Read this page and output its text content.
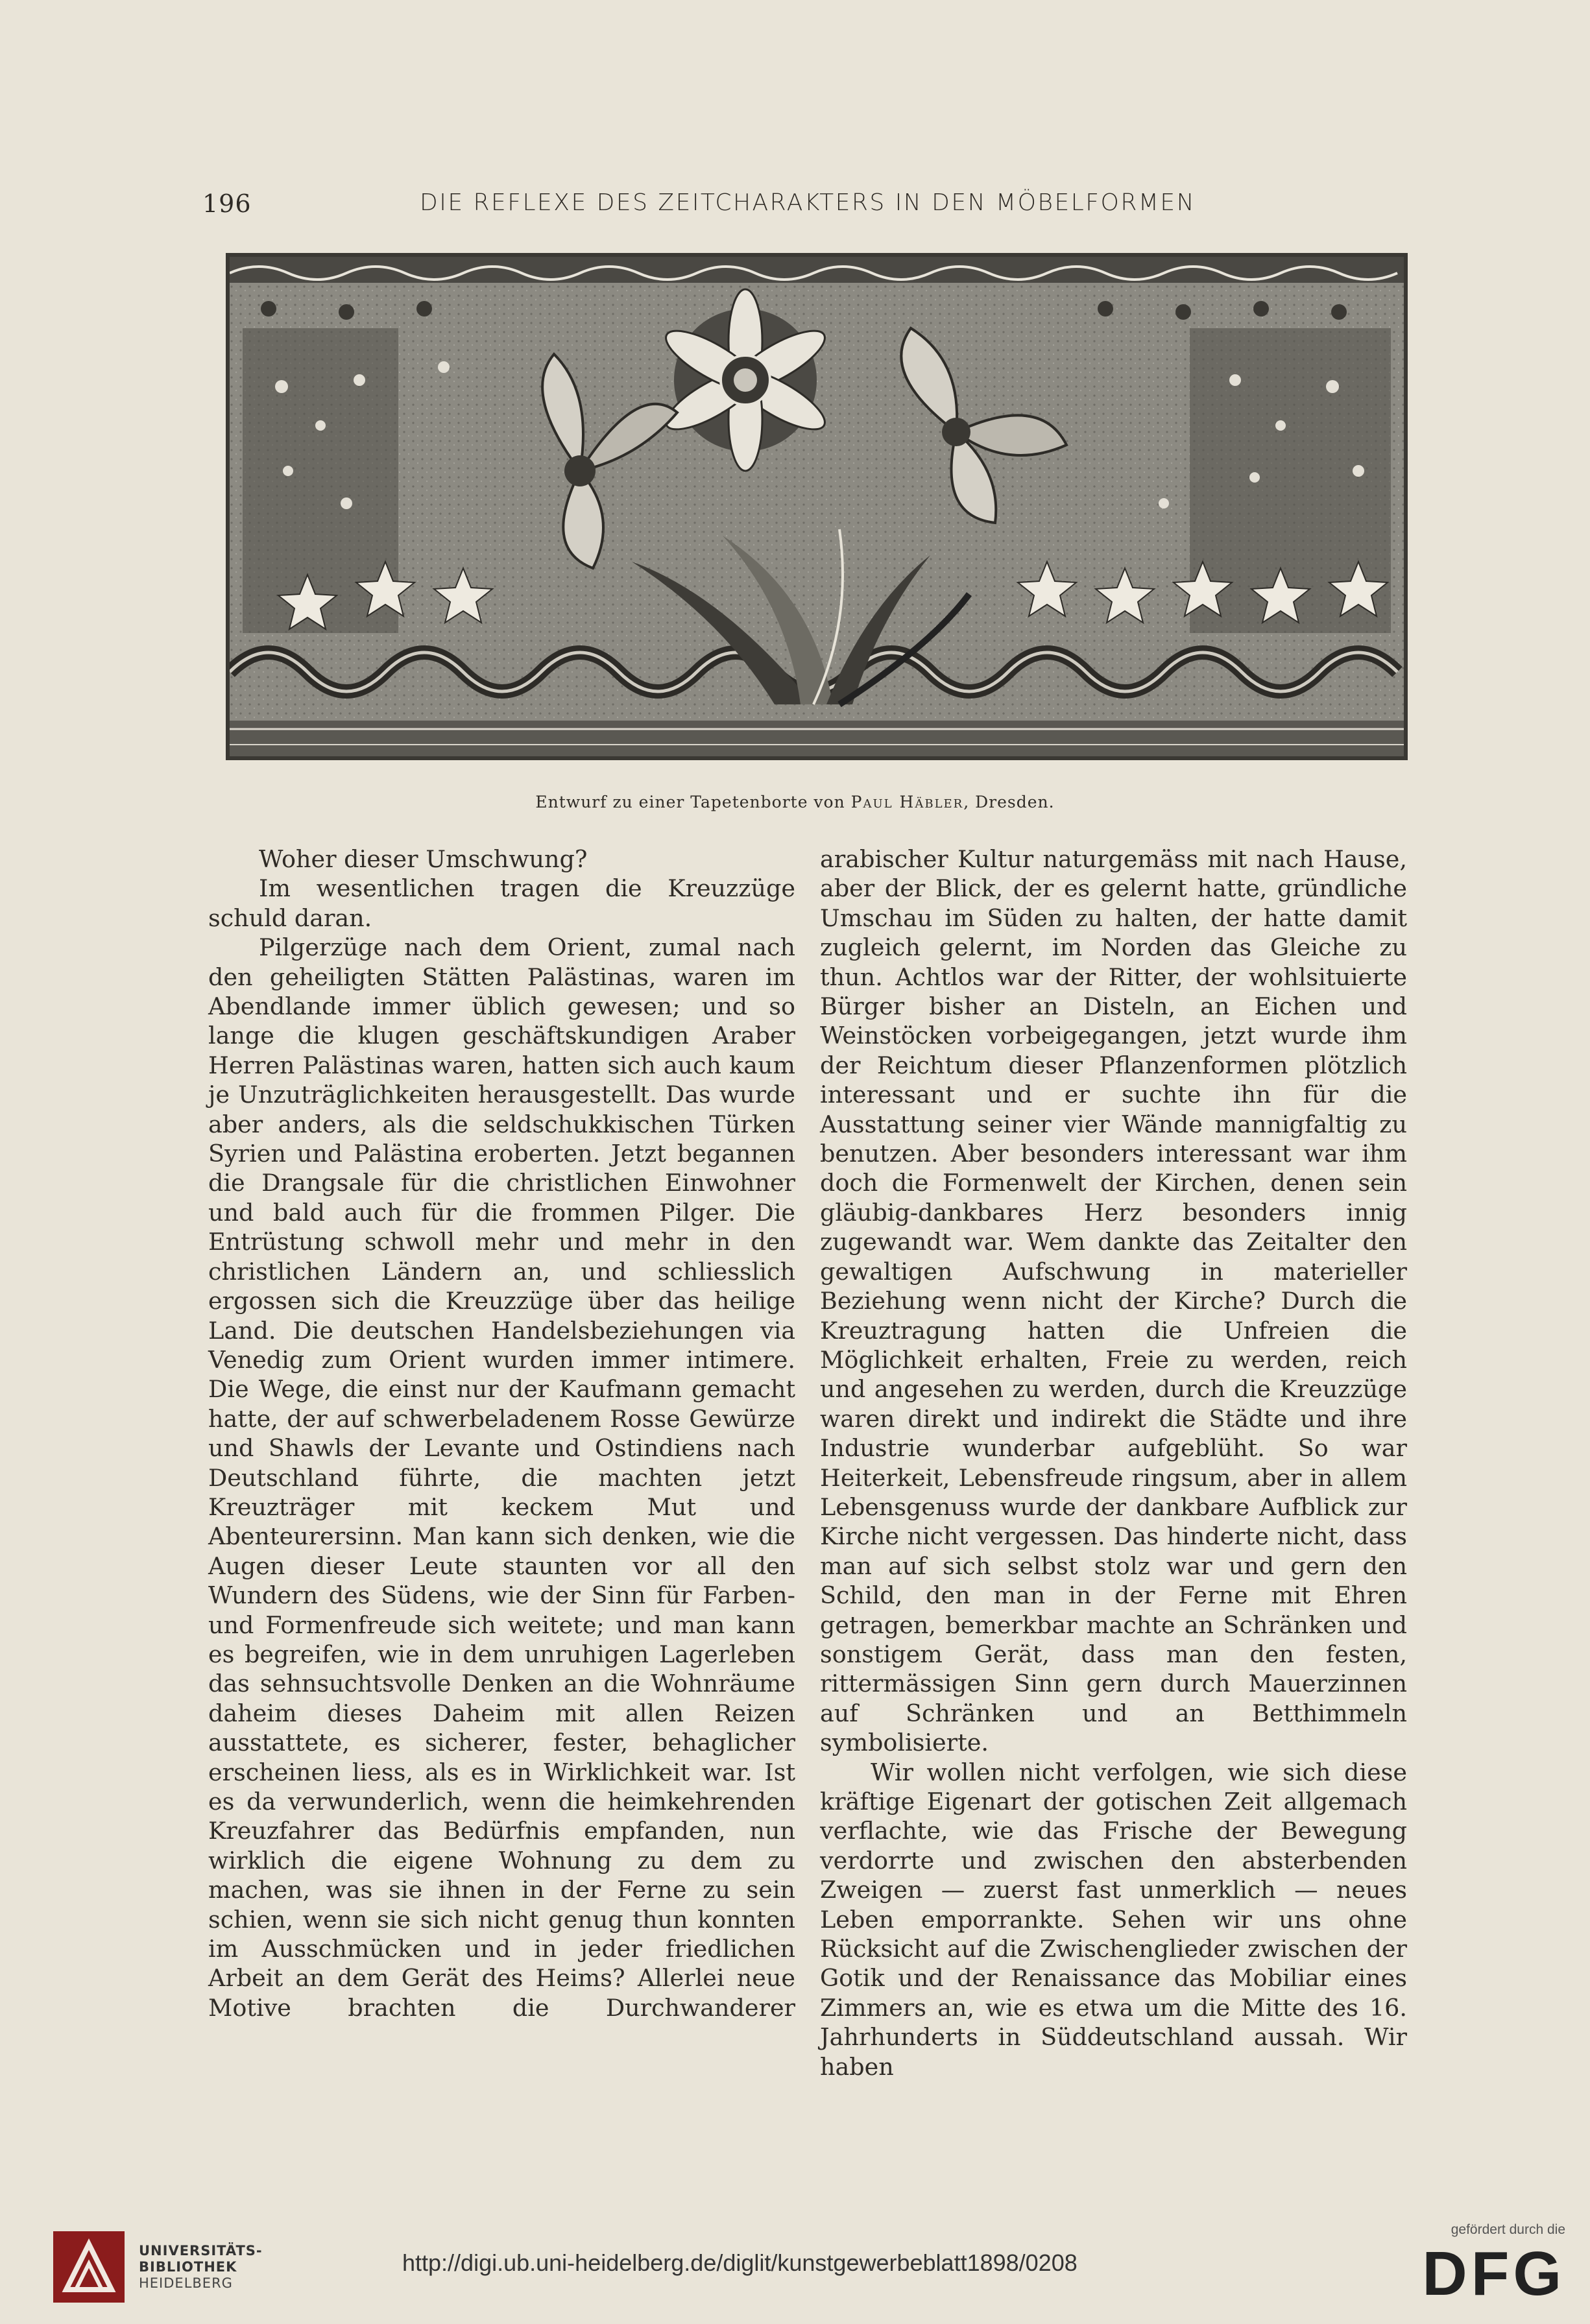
196	DIE REFLEXE DES ZEITCHARAKTERS IN DEN MÖBELFORMEN
Entwurf zu einer Tapetenborte von Paul Häbler, Dresden.

Woher dieser Umschwung?

Im wesentlichen tragen die Kreuzzüge schuld daran.

Pilgerzüge nach dem Orient, zumal nach den geheiligten Stätten Palästinas, waren im Abendlande immer üblich gewesen; und so lange die klugen geschäftskundigen Araber Herren Palästinas waren, hatten sich auch kaum je Unzuträglichkeiten herausgestellt. Das wurde aber anders, als die seldschukkischen Türken Syrien und Palästina eroberten. Jetzt begannen die Drangsale für die christlichen Einwohner und bald auch für die frommen Pilger. Die Entrüstung schwoll mehr und mehr in den christlichen Ländern an, und schliesslich ergossen sich die Kreuzzüge über das heilige Land. Die deutschen Handelsbeziehungen via Venedig zum Orient wurden immer intimere. Die Wege, die einst nur der Kaufmann gemacht hatte, der auf schwerbeladenem Rosse Gewürze und Shawls der Levante und Ostindiens nach Deutschland führte, die machten jetzt Kreuzträger mit keckem Mut und Abenteurersinn. Man kann sich denken, wie die Augen dieser Leute staunten vor all den Wundern des Südens, wie der Sinn für Farben- und Formenfreude sich weitete; und man kann es begreifen, wie in dem unruhigen Lagerleben das sehnsuchtsvolle Denken an die Wohnräume daheim dieses Daheim mit allen Reizen ausstattete, es sicherer, fester, behaglicher erscheinen liess, als es in Wirklichkeit war. Ist es da verwunderlich, wenn die heimkehrenden Kreuzfahrer das Bedürfnis empfanden, nun wirklich die eigene Wohnung zu dem zu machen, was sie ihnen in der Ferne zu sein schien, wenn sie sich nicht genug thun konnten im Ausschmücken und in jeder friedlichen Arbeit an dem Gerät des Heims? Allerlei neue Motive brachten die Durchwanderer

arabischer Kultur naturgemäss mit nach Hause, aber der Blick, der es gelernt hatte, gründliche Umschau im Süden zu halten, der hatte damit zugleich gelernt, im Norden das Gleiche zu thun. Achtlos war der Ritter, der wohlsituierte Bürger bisher an Disteln, an Eichen und Weinstöcken vorbeigegangen, jetzt wurde ihm der Reichtum dieser Pflanzenformen plötzlich interessant und er suchte ihn für die Ausstattung seiner vier Wände mannigfaltig zu benutzen. Aber besonders interessant war ihm doch die Formenwelt der Kirchen, denen sein gläubig-dankbares Herz besonders innig zugewandt war. Wem dankte das Zeitalter den gewaltigen Aufschwung in materieller Beziehung wenn nicht der Kirche? Durch die Kreuztragung hatten die Unfreien die Möglichkeit erhalten, Freie zu werden, reich und angesehen zu werden, durch die Kreuzzüge waren direkt und indirekt die Städte und ihre Industrie wunderbar aufgeblüht. So war Heiterkeit, Lebensfreude ringsum, aber in allem Lebensgenuss wurde der dankbare Aufblick zur Kirche nicht vergessen. Das hinderte nicht, dass man auf sich selbst stolz war und gern den Schild, den man in der Ferne mit Ehren getragen, bemerkbar machte an Schränken und sonstigem Gerät, dass man den festen, rittermässigen Sinn gern durch Mauerzinnen auf Schränken und an Betthimmeln symbolisierte.

Wir wollen nicht verfolgen, wie sich diese kräftige Eigenart der gotischen Zeit allgemach verflachte, wie das Frische der Bewegung verdorrte und zwischen den absterbenden Zweigen — zuerst fast unmerklich — neues Leben emporrankte. Sehen wir uns ohne Rücksicht auf die Zwischenglieder zwischen der Gotik und der Renaissance das Mobiliar eines Zimmers an, wie es etwa um die Mitte des 16. Jahrhunderts in Süddeutschland aussah. Wir haben

UNIVERSITÄTS-
BIBLIOTHEK
HEIDELBERG
http://digi.ub.uni-heidelberg.de/diglit/kunstgewerbeblatt1898/0208
gefördert durch die
DFG
